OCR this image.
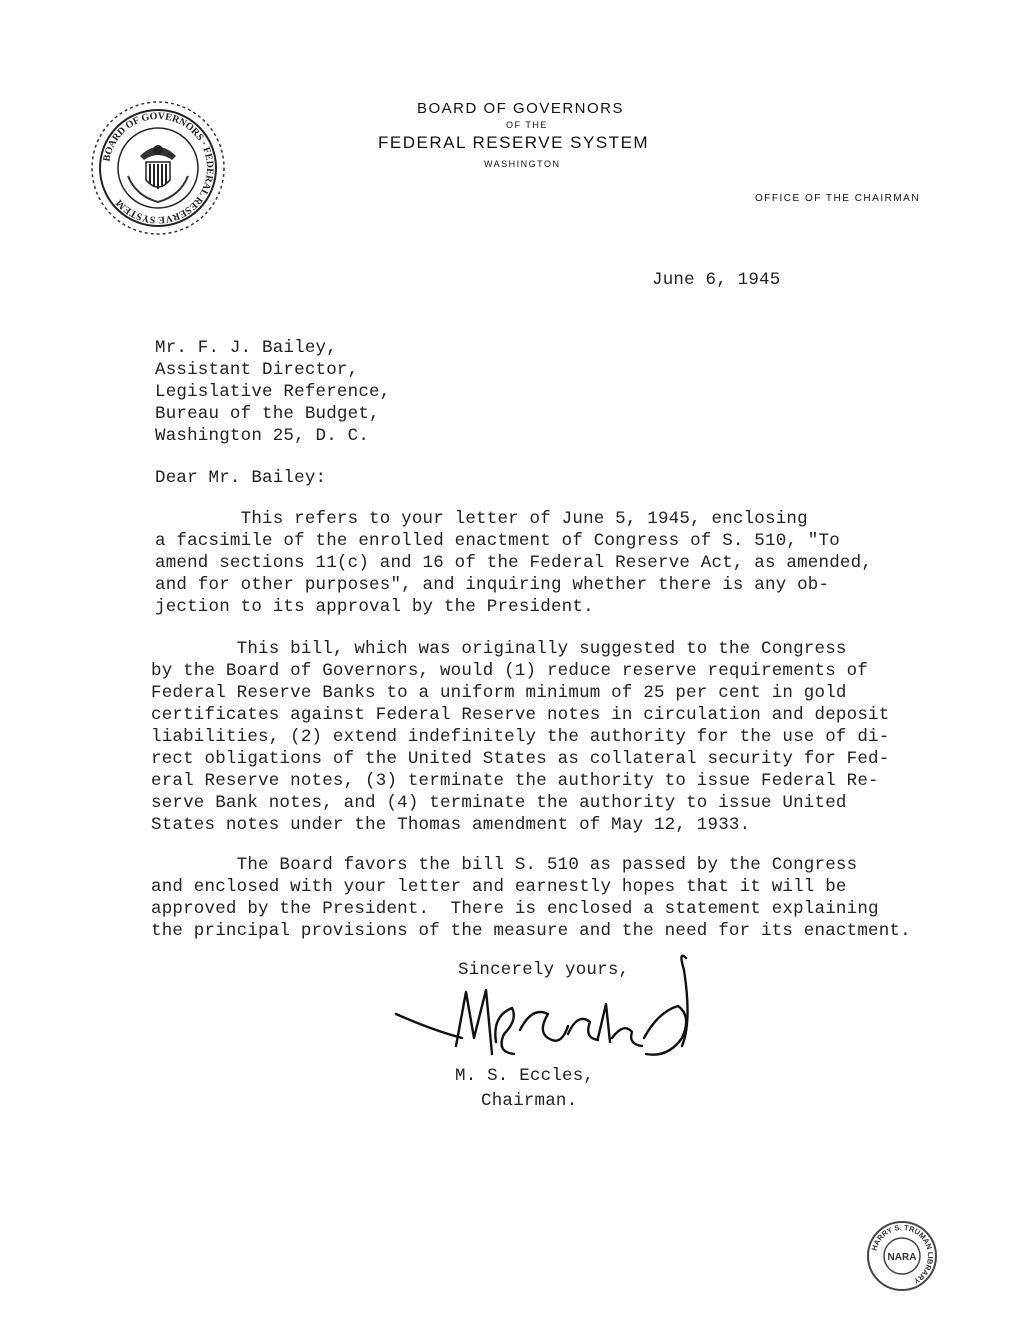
BOARD OF GOVERNORS · FEDERAL RESERVE SYSTEM
BOARD OF GOVERNORS
OF THE
FEDERAL RESERVE SYSTEM
WASHINGTON
OFFICE OF THE CHAIRMAN
June 6, 1945
Mr. F. J. Bailey,
Assistant Director,
Legislative Reference,
Bureau of the Budget,
Washington 25, D. C.
Dear Mr. Bailey:
This refers to your letter of June 5, 1945, enclosing
a facsimile of the enrolled enactment of Congress of S. 510, "To
amend sections 11(c) and 16 of the Federal Reserve Act, as amended,
and for other purposes", and inquiring whether there is any ob-
jection to its approval by the President.
This bill, which was originally suggested to the Congress
by the Board of Governors, would (1) reduce reserve requirements of
Federal Reserve Banks to a uniform minimum of 25 per cent in gold
certificates against Federal Reserve notes in circulation and deposit
liabilities, (2) extend indefinitely the authority for the use of di-
rect obligations of the United States as collateral security for Fed-
eral Reserve notes, (3) terminate the authority to issue Federal Re-
serve Bank notes, and (4) terminate the authority to issue United
States notes under the Thomas amendment of May 12, 1933.
The Board favors the bill S. 510 as passed by the Congress
and enclosed with your letter and earnestly hopes that it will be
approved by the President.  There is enclosed a statement explaining
the principal provisions of the measure and the need for its enactment.
Sincerely yours,
M. S. Eccles,
Chairman.
HARRY S. TRUMAN LIBRARY
NARA
